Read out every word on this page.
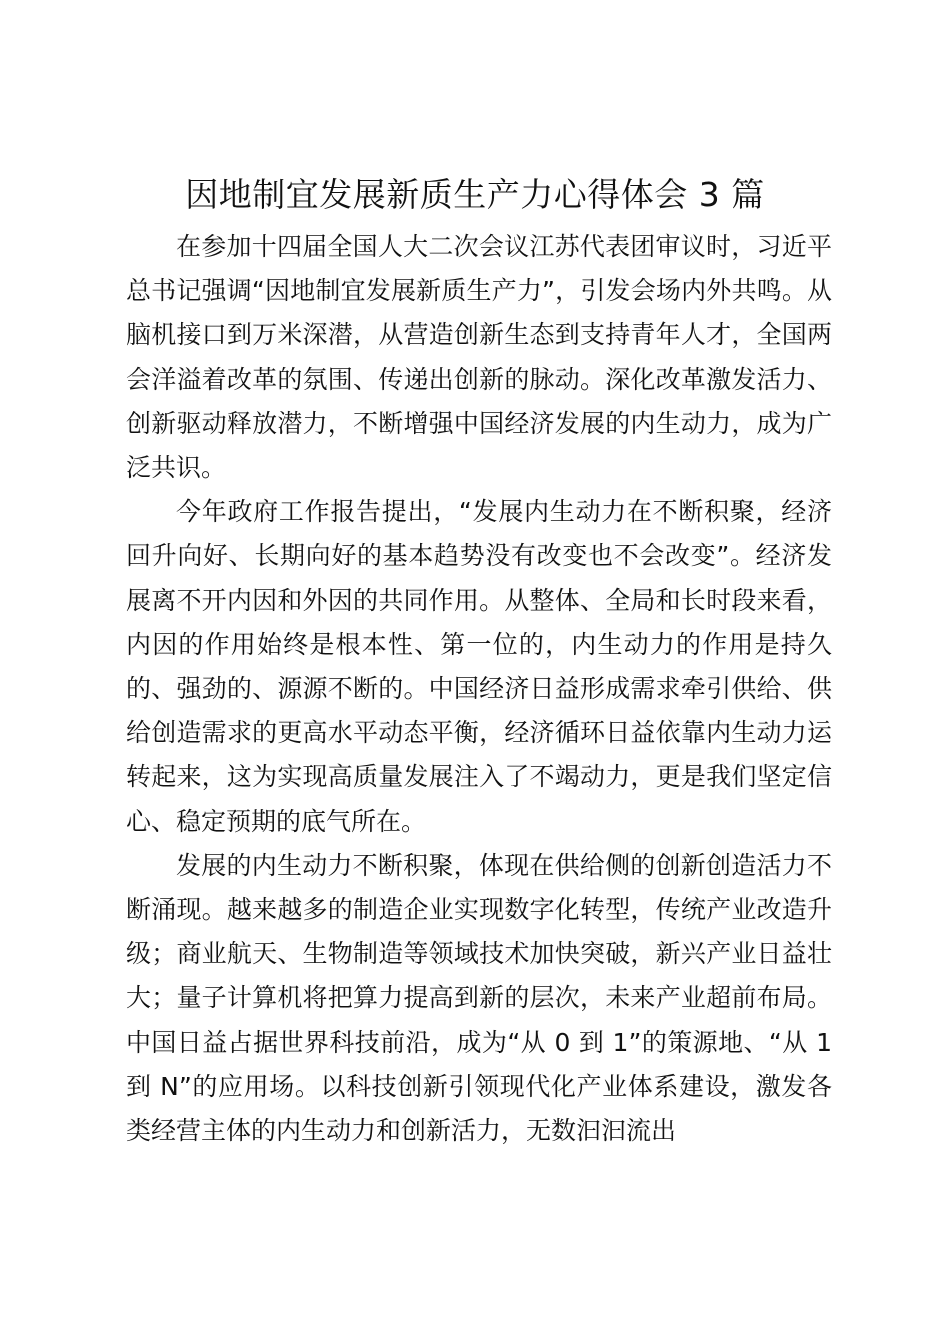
因地制宜发展新质生产力心得体会 3 篇

在参加十四届全国人大二次会议江苏代表团审议时，习近平总书记强调“因地制宜发展新质生产力”，引发会场内外共鸣。从脑机接口到万米深潜，从营造创新生态到支持青年人才，全国两会洋溢着改革的氛围、传递出创新的脉动。深化改革激发活力、创新驱动释放潜力，不断增强中国经济发展的内生动力，成为广泛共识。

今年政府工作报告提出，“发展内生动力在不断积聚，经济回升向好、长期向好的基本趋势没有改变也不会改变”。经济发展离不开内因和外因的共同作用。从整体、全局和长时段来看，内因的作用始终是根本性、第一位的，内生动力的作用是持久的、强劲的、源源不断的。中国经济日益形成需求牵引供给、供给创造需求的更高水平动态平衡，经济循环日益依靠内生动力运转起来，这为实现高质量发展注入了不竭动力，更是我们坚定信心、稳定预期的底气所在。

发展的内生动力不断积聚，体现在供给侧的创新创造活力不断涌现。越来越多的制造企业实现数字化转型，传统产业改造升级；商业航天、生物制造等领域技术加快突破，新兴产业日益壮大；量子计算机将把算力提高到新的层次，未来产业超前布局。中国日益占据世界科技前沿，成为“从 0 到 1”的策源地、“从 1 到 N”的应用场。以科技创新引领现代化产业体系建设，激发各类经营主体的内生动力和创新活力，无数汩汩流出
